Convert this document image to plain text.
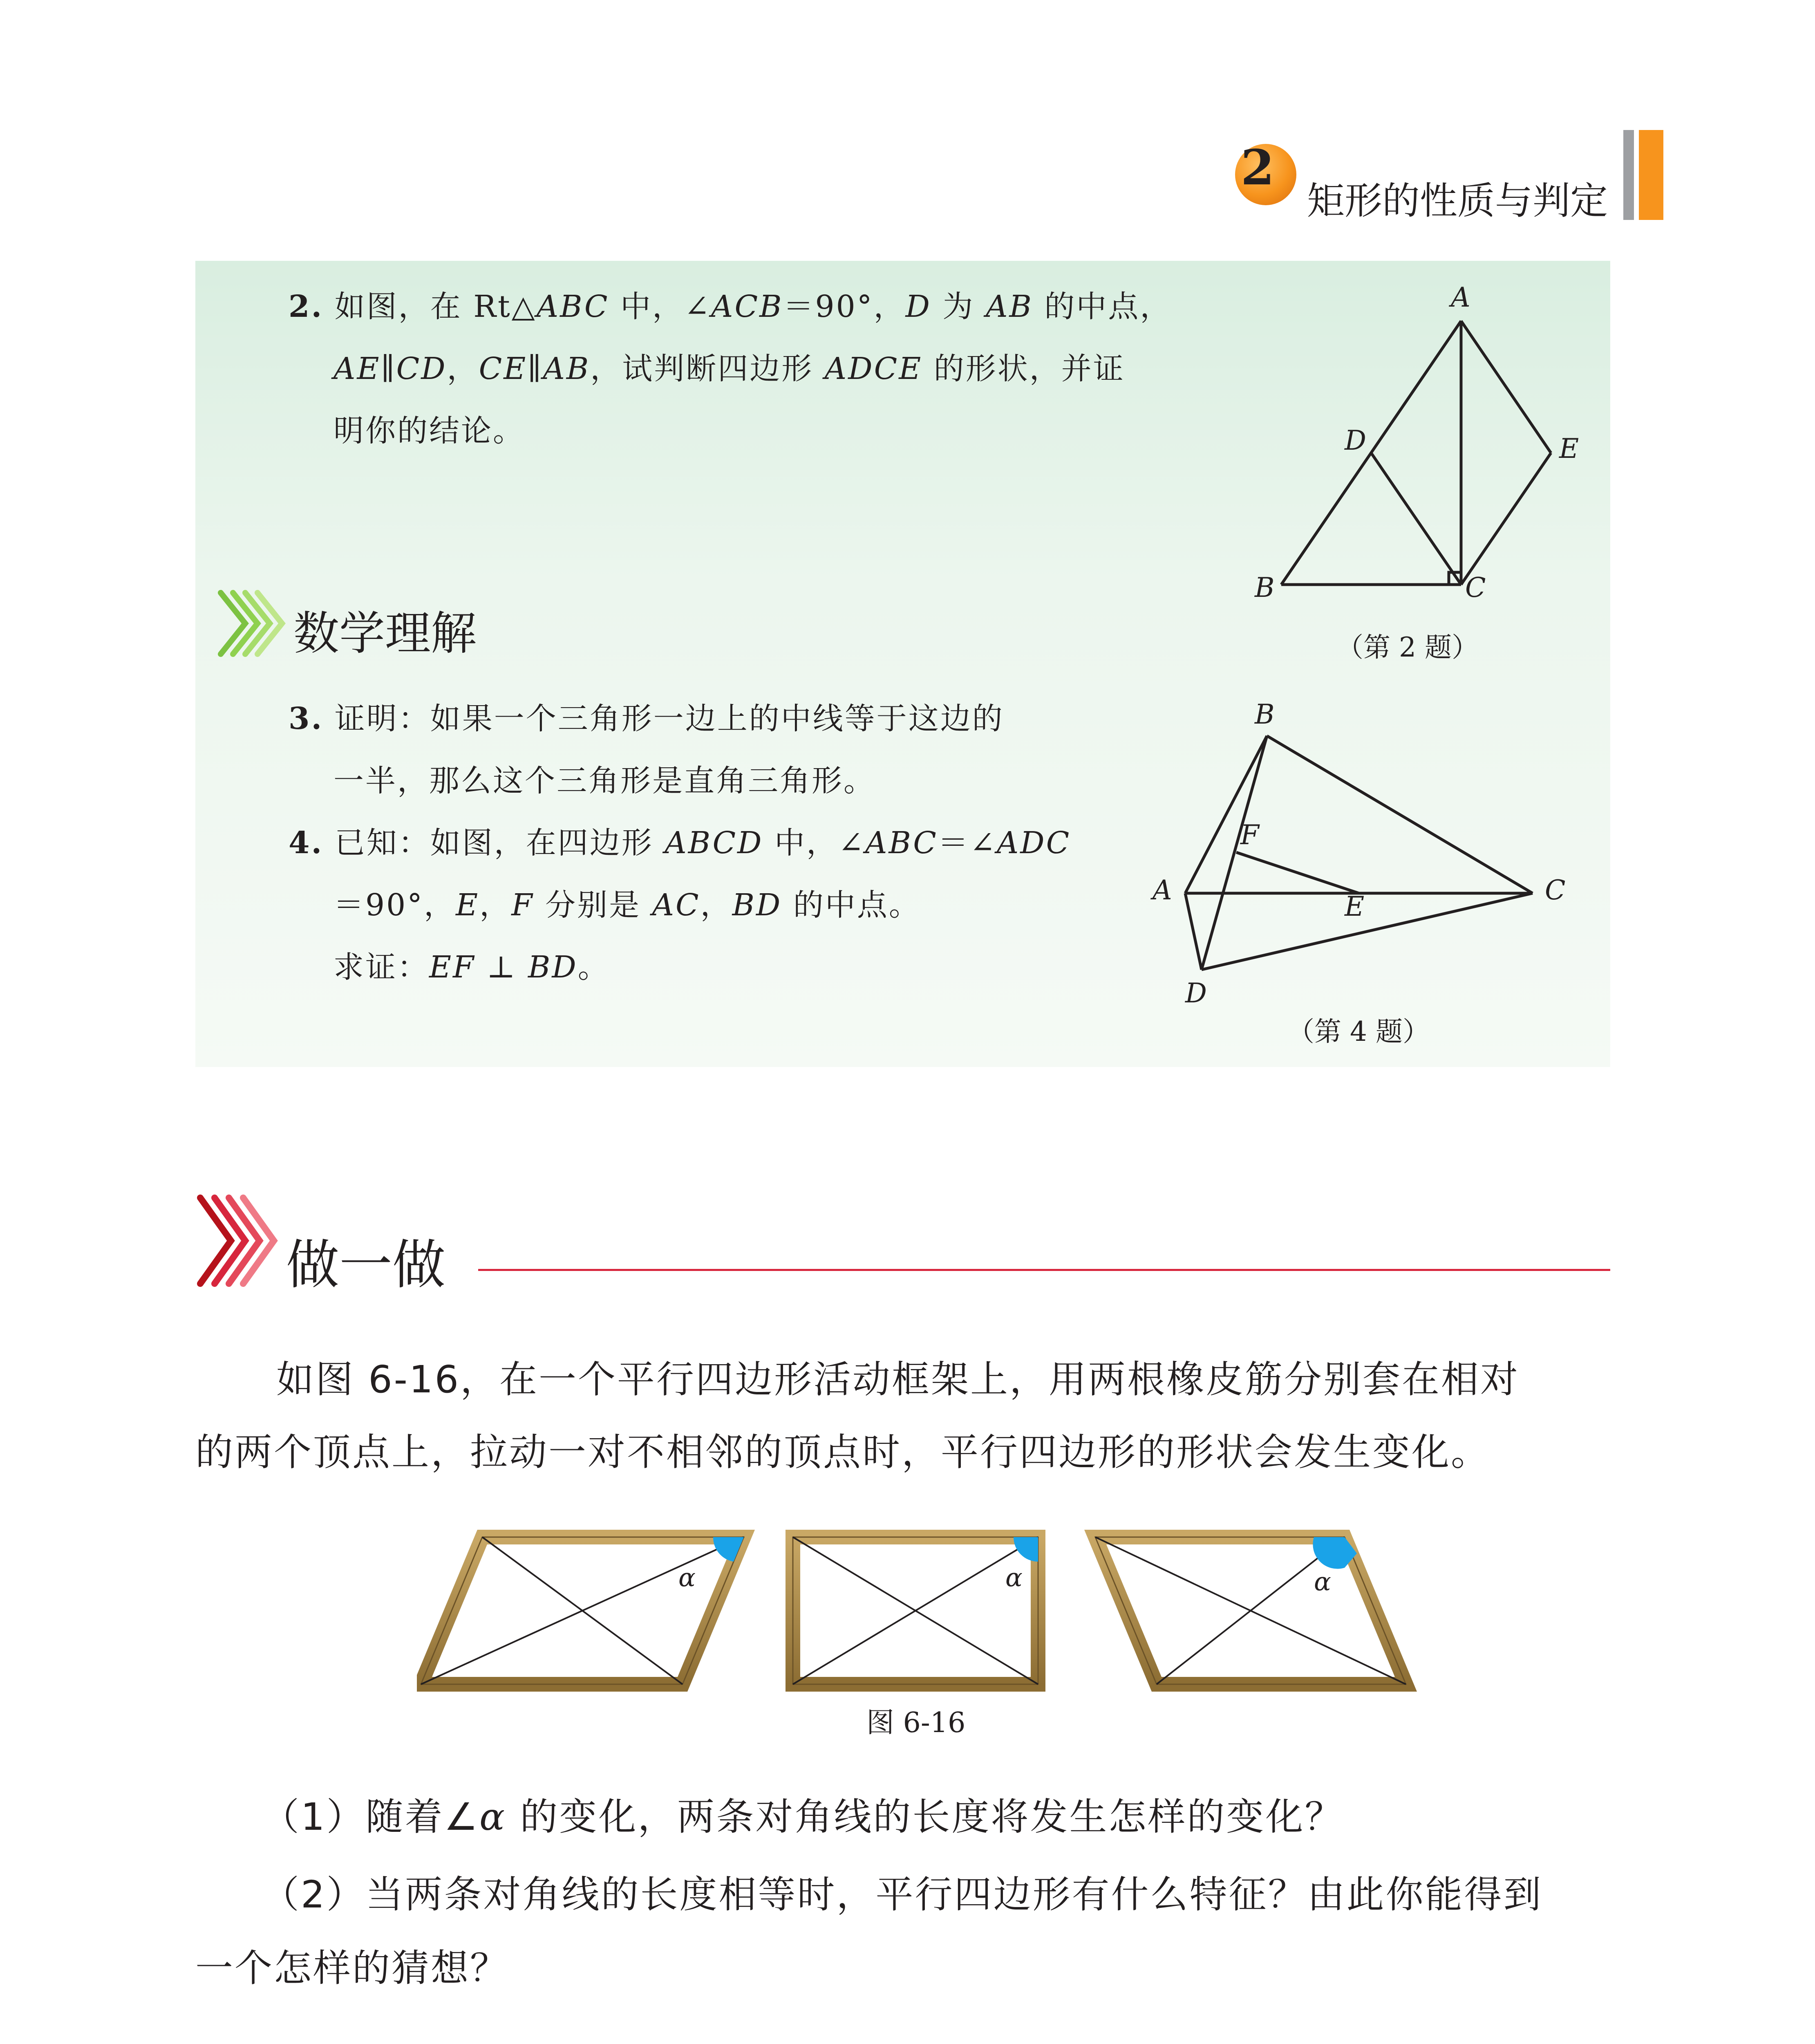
2
矩形的性质与判定
2. 如图，在 Rt△ABC 中，∠ACB＝90°，D 为 AB 的中点，
AE∥CD，CE∥AB，试判断四边形 ADCE 的形状，并证
明你的结论。
A
B	C
D	E
（第 2 题）
数学理解
3. 证明：如果一个三角形一边上的中线等于这边的
一半，那么这个三角形是直角三角形。
4. 已知：如图，在四边形 ABCD 中，∠ABC＝∠ADC
＝90°，E，F 分别是 AC，BD 的中点。
求证：EF ⊥ BD。
B
A	C
D
E
F
（第 4 题）
做一做
如图 6-16，在一个平行四边形活动框架上，用两根橡皮筋分别套在相对
的两个顶点上，拉动一对不相邻的顶点时，平行四边形的形状会发生变化。
α	α	α
图 6-16
（1）随着∠α 的变化，两条对角线的长度将发生怎样的变化？
（2）当两条对角线的长度相等时，平行四边形有什么特征？由此你能得到
一个怎样的猜想？
